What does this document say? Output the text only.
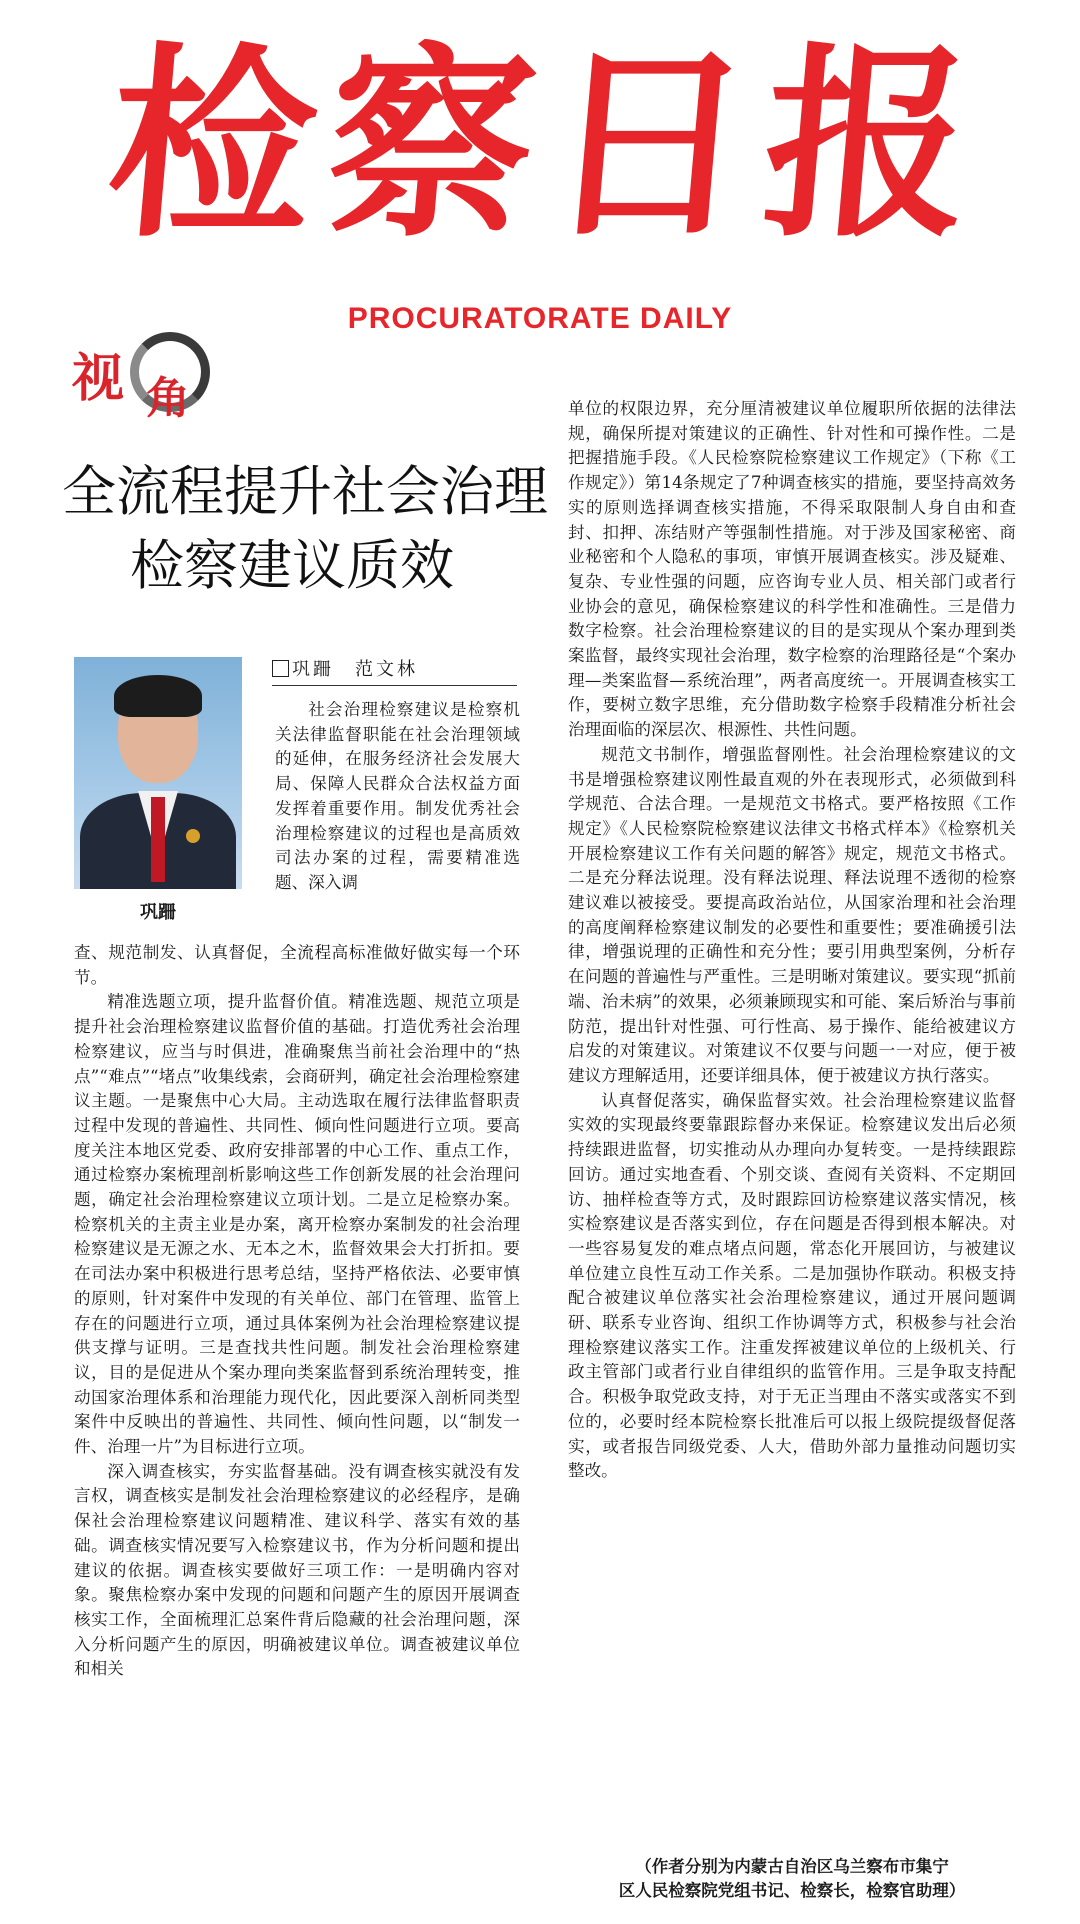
检
察
日
报
PROCURATORATE DAILY
视 角
全流程提升社会治理
检察建议质效
巩跚
巩跚　范文林

社会治理检察建议是检察机关法律监督职能在社会治理领域的延伸，在服务经济社会发展大局、保障人民群众合法权益方面发挥着重要作用。制发优秀社会治理检察建议的过程也是高质效司法办案的过程，需要精准选题、深入调

查、规范制发、认真督促，全流程高标准做好做实每一个环节。

精准选题立项，提升监督价值。精准选题、规范立项是提升社会治理检察建议监督价值的基础。打造优秀社会治理检察建议，应当与时俱进，准确聚焦当前社会治理中的“热点”“难点”“堵点”收集线索，会商研判，确定社会治理检察建议主题。一是聚焦中心大局。主动选取在履行法律监督职责过程中发现的普遍性、共同性、倾向性问题进行立项。要高度关注本地区党委、政府安排部署的中心工作、重点工作，通过检察办案梳理剖析影响这些工作创新发展的社会治理问题，确定社会治理检察建议立项计划。二是立足检察办案。检察机关的主责主业是办案，离开检察办案制发的社会治理检察建议是无源之水、无本之木，监督效果会大打折扣。要在司法办案中积极进行思考总结，坚持严格依法、必要审慎的原则，针对案件中发现的有关单位、部门在管理、监管上存在的问题进行立项，通过具体案例为社会治理检察建议提供支撑与证明。三是查找共性问题。制发社会治理检察建议，目的是促进从个案办理向类案监督到系统治理转变，推动国家治理体系和治理能力现代化，因此要深入剖析同类型案件中反映出的普遍性、共同性、倾向性问题，以“制发一件、治理一片”为目标进行立项。

深入调查核实，夯实监督基础。没有调查核实就没有发言权，调查核实是制发社会治理检察建议的必经程序，是确保社会治理检察建议问题精准、建议科学、落实有效的基础。调查核实情况要写入检察建议书，作为分析问题和提出建议的依据。调查核实要做好三项工作：一是明确内容对象。聚焦检察办案中发现的问题和问题产生的原因开展调查核实工作，全面梳理汇总案件背后隐藏的社会治理问题，深入分析问题产生的原因，明确被建议单位。调查被建议单位和相关

单位的权限边界，充分厘清被建议单位履职所依据的法律法规，确保所提对策建议的正确性、针对性和可操作性。二是把握措施手段。《人民检察院检察建议工作规定》（下称《工作规定》）第14条规定了7种调查核实的措施，要坚持高效务实的原则选择调查核实措施，不得采取限制人身自由和查封、扣押、冻结财产等强制性措施。对于涉及国家秘密、商业秘密和个人隐私的事项，审慎开展调查核实。涉及疑难、复杂、专业性强的问题，应咨询专业人员、相关部门或者行业协会的意见，确保检察建议的科学性和准确性。三是借力数字检察。社会治理检察建议的目的是实现从个案办理到类案监督，最终实现社会治理，数字检察的治理路径是“个案办理—类案监督—系统治理”，两者高度统一。开展调查核实工作，要树立数字思维，充分借助数字检察手段精准分析社会治理面临的深层次、根源性、共性问题。

规范文书制作，增强监督刚性。社会治理检察建议的文书是增强检察建议刚性最直观的外在表现形式，必须做到科学规范、合法合理。一是规范文书格式。要严格按照《工作规定》《人民检察院检察建议法律文书格式样本》《检察机关开展检察建议工作有关问题的解答》规定，规范文书格式。二是充分释法说理。没有释法说理、释法说理不透彻的检察建议难以被接受。要提高政治站位，从国家治理和社会治理的高度阐释检察建议制发的必要性和重要性；要准确援引法律，增强说理的正确性和充分性；要引用典型案例，分析存在问题的普遍性与严重性。三是明晰对策建议。要实现“抓前端、治未病”的效果，必须兼顾现实和可能、案后矫治与事前防范，提出针对性强、可行性高、易于操作、能给被建议方启发的对策建议。对策建议不仅要与问题一一对应，便于被建议方理解适用，还要详细具体，便于被建议方执行落实。

认真督促落实，确保监督实效。社会治理检察建议监督实效的实现最终要靠跟踪督办来保证。检察建议发出后必须持续跟进监督，切实推动从办理向办复转变。一是持续跟踪回访。通过实地查看、个别交谈、查阅有关资料、不定期回访、抽样检查等方式，及时跟踪回访检察建议落实情况，核实检察建议是否落实到位，存在问题是否得到根本解决。对一些容易复发的难点堵点问题，常态化开展回访，与被建议单位建立良性互动工作关系。二是加强协作联动。积极支持配合被建议单位落实社会治理检察建议，通过开展问题调研、联系专业咨询、组织工作协调等方式，积极参与社会治理检察建议落实工作。注重发挥被建议单位的上级机关、行政主管部门或者行业自律组织的监管作用。三是争取支持配合。积极争取党政支持，对于无正当理由不落实或落实不到位的，必要时经本院检察长批准后可以报上级院提级督促落实，或者报告同级党委、人大，借助外部力量推动问题切实整改。

（作者分别为内蒙古自治区乌兰察布市集宁
区人民检察院党组书记、检察长，检察官助理）
